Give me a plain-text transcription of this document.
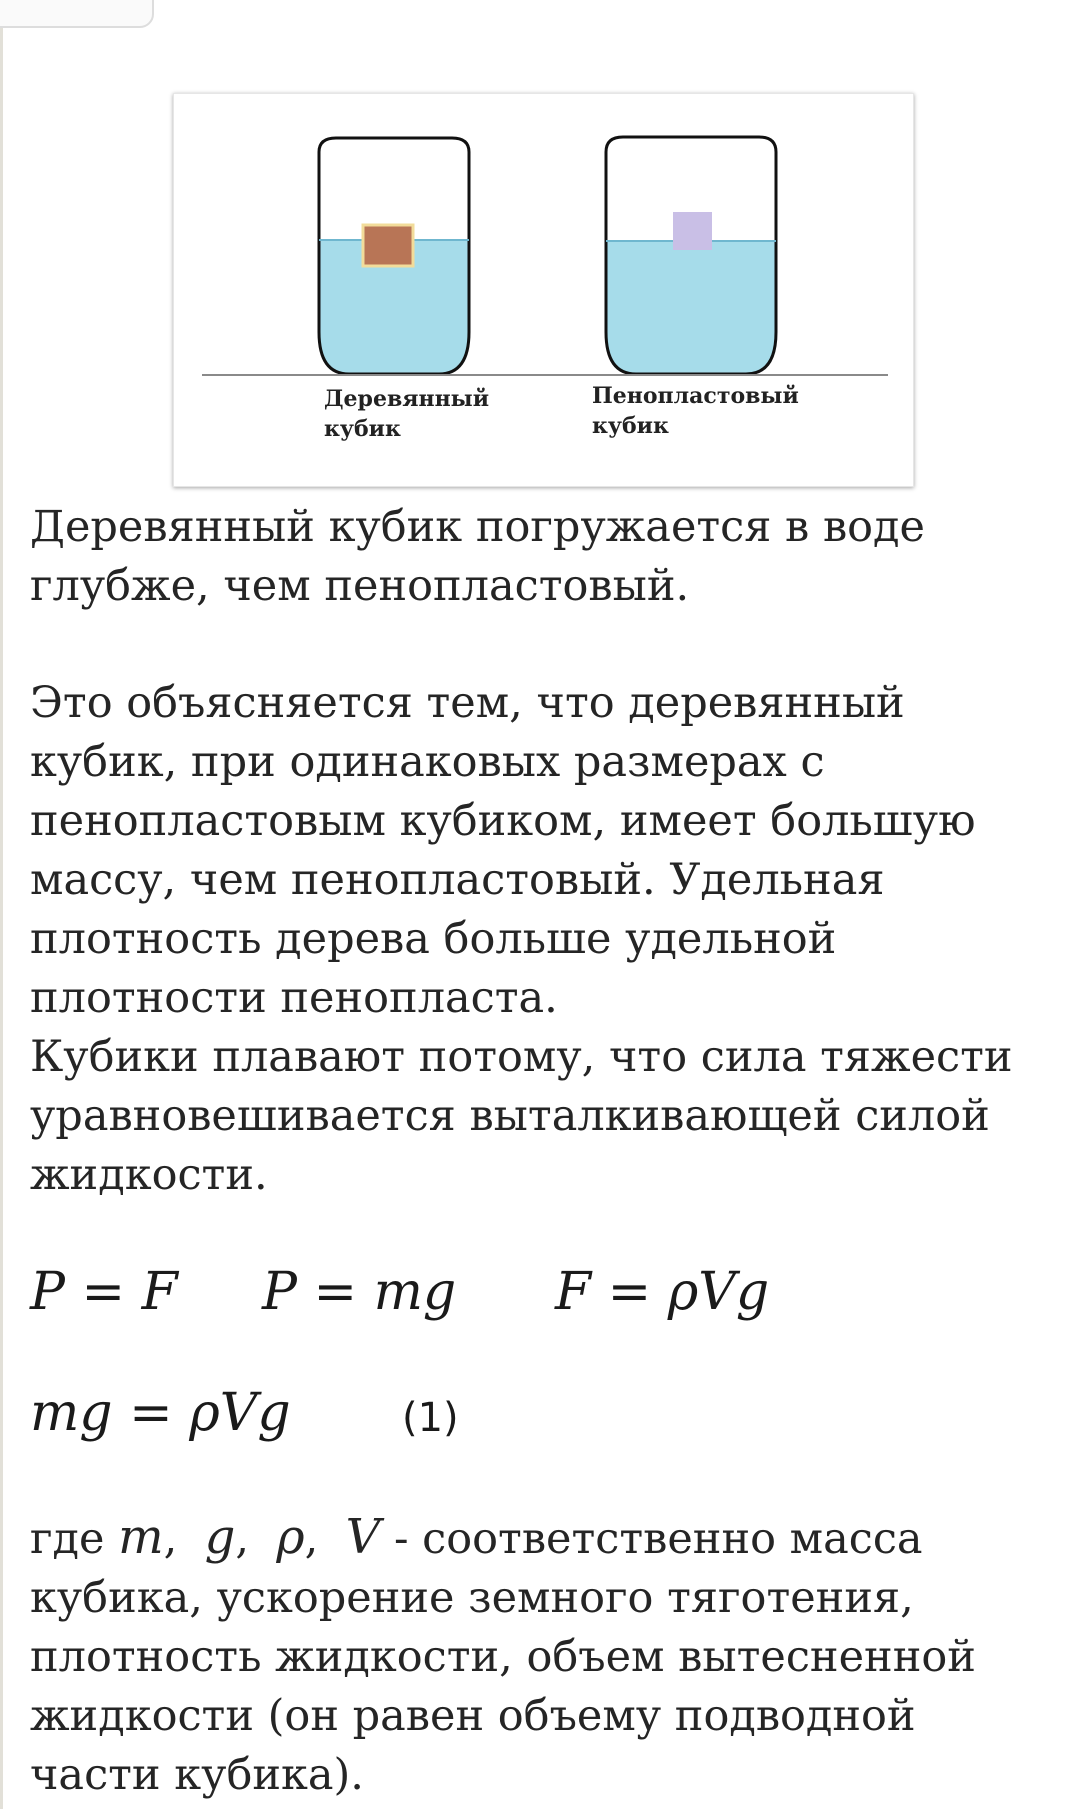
Деревянный
кубик
Пенопластовый
кубик

Деревянный кубик погружается в воде

глубже, чем пенопластовый.

Это объясняется тем, что деревянный

кубик, при одинаковых размерах с

пенопластовым кубиком, имеет большую

массу, чем пенопластовый. Удельная

плотность дерева больше удельной

плотности пенопласта.

Кубики плавают потому, что сила тяжести

уравновешивается выталкивающей силой

жидкости.

P = F P = mg F = ρVg
mg = ρVg	(1)

где m,  g,  ρ,  V - соответственно масса

кубика, ускорение земного тяготения,

плотность жидкости, объем вытесненной

жидкости (он равен объему подводной

части кубика).
